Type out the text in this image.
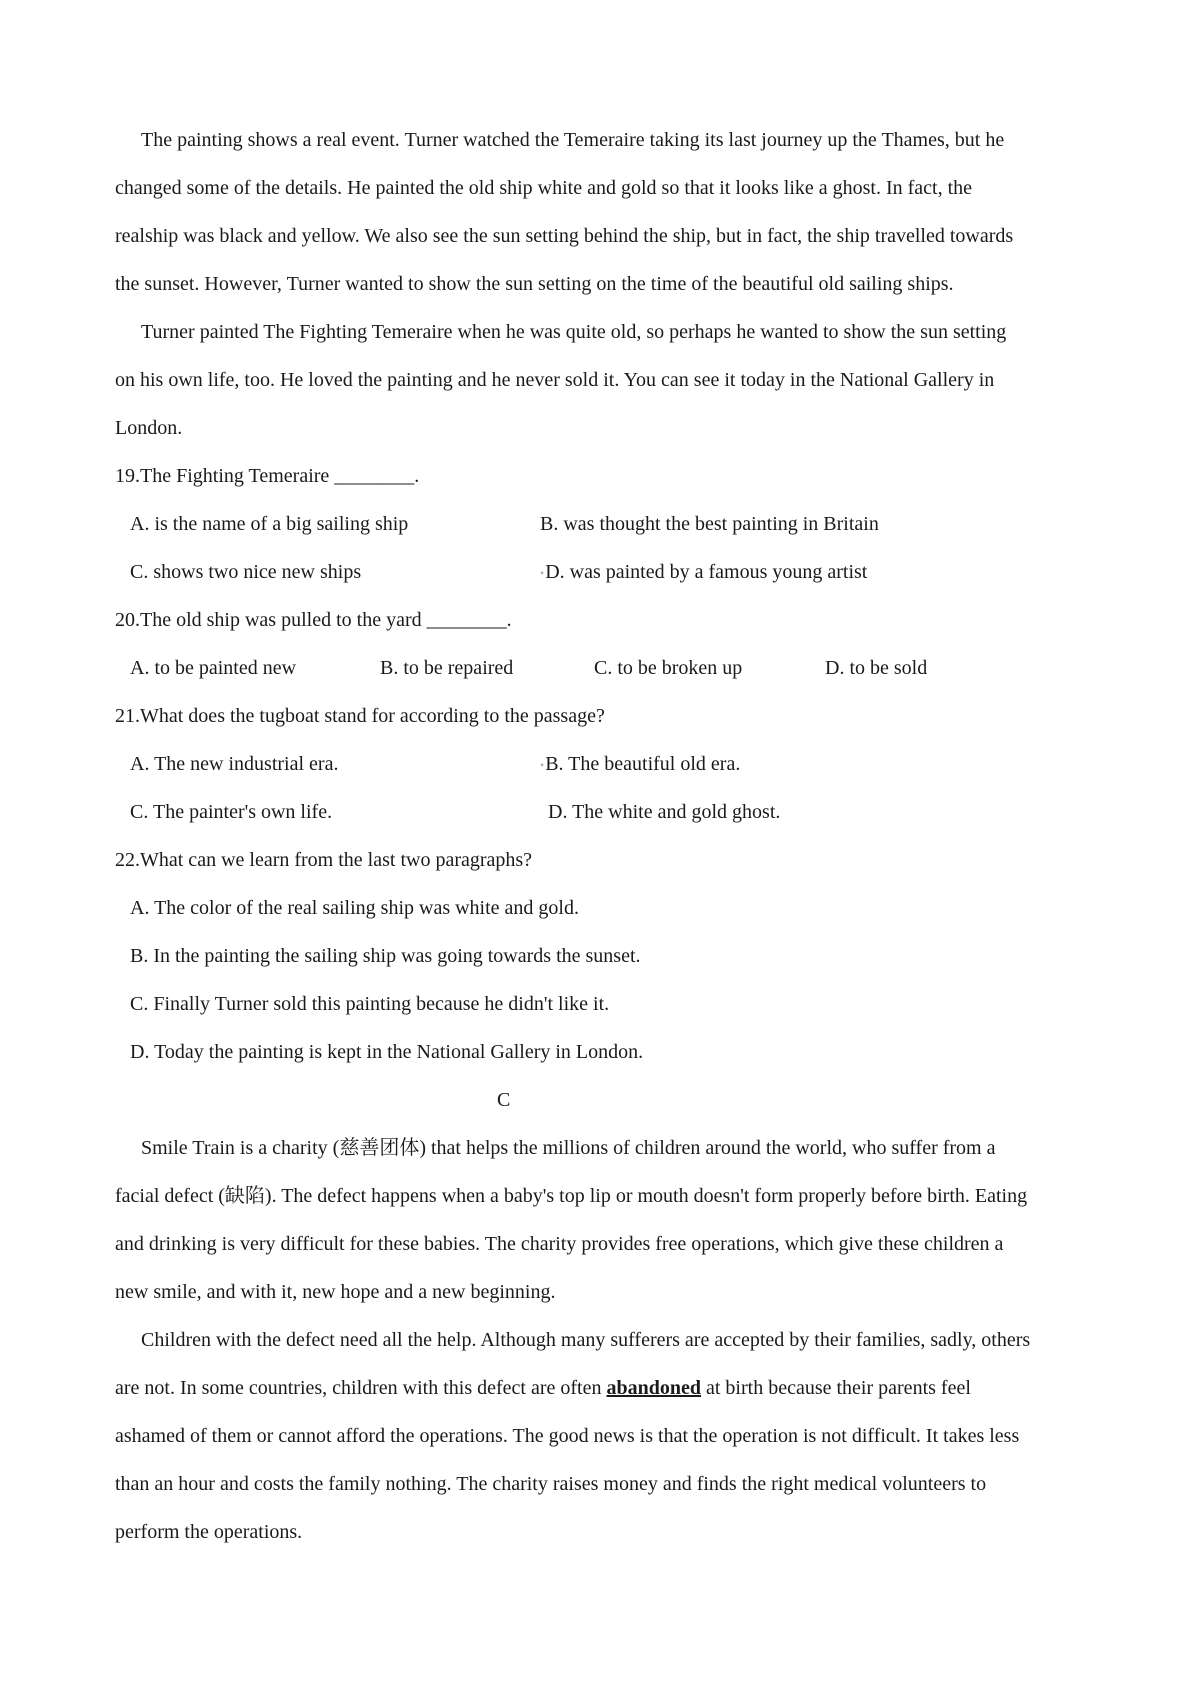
The painting shows a real event. Turner watched the Temeraire taking its last journey up the Thames, but he
changed some of the details. He painted the old ship white and gold so that it looks like a ghost. In fact, the
realship was black and yellow. We also see the sun setting behind the ship, but in fact, the ship travelled towards
the sunset. However, Turner wanted to show the sun setting on the time of the beautiful old sailing ships.
Turner painted The Fighting Temeraire when he was quite old, so perhaps he wanted to show the sun setting
on his own life, too. He loved the painting and he never sold it. You can see it today in the National Gallery in
London.
19.The Fighting Temeraire ________.
A. is the name of a big sailing ship	B. was thought the best painting in Britain
C. shows two nice new ships	•D. was painted by a famous young artist
20.The old ship was pulled to the yard ________.
A. to be painted new	B. to be repaired	C. to be broken up	D. to be sold
21.What does the tugboat stand for according to the passage?
A. The new industrial era.	•B. The beautiful old era.
C. The painter's own life.	D. The white and gold ghost.
22.What can we learn from the last two paragraphs?
A. The color of the real sailing ship was white and gold.
B. In the painting the sailing ship was going towards the sunset.
C. Finally Turner sold this painting because he didn't like it.
D. Today the painting is kept in the National Gallery in London.
C
Smile Train is a charity (慈善团体) that helps the millions of children around the world, who suffer from a
facial defect (缺陷). The defect happens when a baby's top lip or mouth doesn't form properly before birth. Eating
and drinking is very difficult for these babies. The charity provides free operations, which give these children a
new smile, and with it, new hope and a new beginning.
Children with the defect need all the help. Although many sufferers are accepted by their families, sadly, others
are not. In some countries, children with this defect are often abandoned at birth because their parents feel
ashamed of them or cannot afford the operations. The good news is that the operation is not difficult. It takes less
than an hour and costs the family nothing. The charity raises money and finds the right medical volunteers to
perform the operations.
